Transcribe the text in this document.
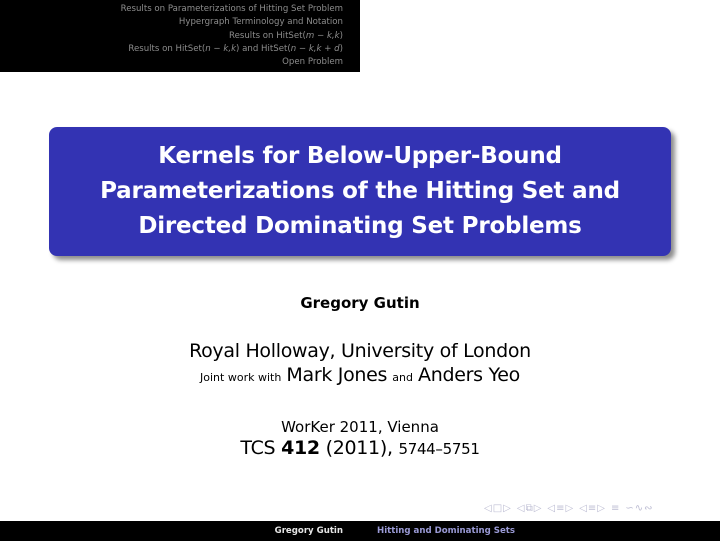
Results on Parameterizations of Hitting Set Problem
Hypergraph Terminology and Notation
Results on HitSet(m − k,k)
Results on HitSet(n − k,k) and HitSet(n − k,k + d)
Open Problem
Kernels for Below-Upper-Bound
Parameterizations of the Hitting Set and
Directed Dominating Set Problems
Gregory Gutin
Royal Holloway, University of London
Joint work with Mark Jones and Anders Yeo
WorKer 2011, Vienna
TCS 412 (2011), 5744–5751
◁ □ ▷ ◁ ⧉ ▷ ◁ ≡ ▷ ◁ ≡ ▷ ≡ ∽ ∿ ∾
Gregory Gutin	Hitting and Dominating Sets
